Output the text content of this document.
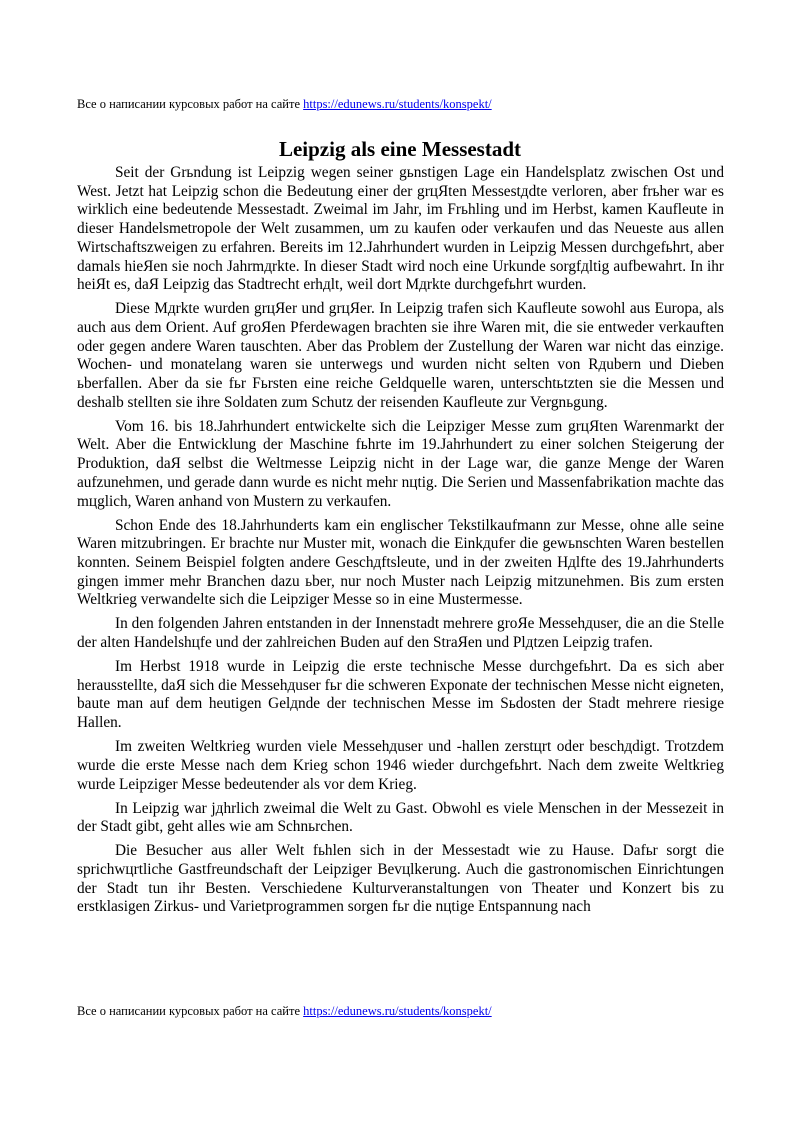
Все о написании курсовых работ на сайте https://edunews.ru/students/konspekt/
Leipzig als eine Messestadt

Seit der Grьndung ist Leipzig wegen seiner gьnstigen Lage ein Handelsplatz zwischen Ost und West. Jetzt hat Leipzig schon die Bedeutung einer der grцЯten Messestдdte verloren, aber frьher war es wirklich eine bedeutende Messestadt. Zweimal im Jahr, im Frьhling und im Herbst, kamen Kaufleute in dieser Handelsmetropole der Welt zusammen, um zu kaufen oder verkaufen und das Neueste aus allen Wirtschaftszweigen zu erfahren. Bereits im 12.Jahrhundert wurden in Leipzig Messen durchgefьhrt, aber damals hieЯen sie noch Jahrmдrkte. In dieser Stadt wird noch eine Urkunde sorgfдltig aufbewahrt. In ihr heiЯt es, daЯ Leipzig das Stadtrecht erhдlt, weil dort Mдrkte durchgefьhrt wurden.

Diese Mдrkte wurden grцЯer und grцЯer. In Leipzig trafen sich Kaufleute sowohl aus Europa, als auch aus dem Orient. Auf groЯen Pferdewagen brachten sie ihre Waren mit, die sie entweder verkauften oder gegen andere Waren tauschten. Aber das Problem der Zustellung der Waren war nicht das einzige. Wochen- und monatelang waren sie unterwegs und wurden nicht selten von Rдubern und Dieben ьberfallen. Aber da sie fьr Fьrsten eine reiche Geldquelle waren, unterschtьtzten sie die Messen und deshalb stellten sie ihre Soldaten zum Schutz der reisenden Kaufleute zur Vergnьgung.

Vom 16. bis 18.Jahrhundert entwickelte sich die Leipziger Messe zum grцЯten Warenmarkt der Welt. Aber die Entwicklung der Maschine fьhrte im 19.Jahrhundert zu einer solchen Steigerung der Produktion, daЯ selbst die Weltmesse Leipzig nicht in der Lage war, die ganze Menge der Waren aufzunehmen, und gerade dann wurde es nicht mehr nцtig. Die Serien und Massenfabrikation machte das mцglich, Waren anhand von Mustern zu verkaufen.

Schon Ende des 18.Jahrhunderts kam ein englischer Tekstilkaufmann zur Messe, ohne alle seine Waren mitzubringen. Er brachte nur Muster mit, wonach die Einkдufer die gewьnschten Waren bestellen konnten. Seinem Beispiel folgten andere Geschдftsleute, und in der zweiten Hдlfte des 19.Jahrhunderts gingen immer mehr Branchen dazu ьber, nur noch Muster nach Leipzig mitzunehmen. Bis zum ersten Weltkrieg verwandelte sich die Leipziger Messe so in eine Mustermesse.

In den folgenden Jahren entstanden in der Innenstadt mehrere groЯe Messehдuser, die an die Stelle der alten Handelshцfe und der zahlreichen Buden auf den StraЯen und Plдtzen Leipzig trafen.

Im Herbst 1918 wurde in Leipzig die erste technische Messe durchgefьhrt. Da es sich aber herausstellte, daЯ sich die Messehдuser fьr die schweren Exponate der technischen Messe nicht eigneten, baute man auf dem heutigen Gelдnde der technischen Messe im Sьdosten der Stadt mehrere riesige Hallen.

Im zweiten Weltkrieg wurden viele Messehдuser und -hallen zerstцrt oder beschдdigt. Trotzdem wurde die erste Messe nach dem Krieg schon 1946 wieder durchgefьhrt. Nach dem zweite Weltkrieg wurde Leipziger Messe bedeutender als vor dem Krieg.

In Leipzig war jдhrlich zweimal die Welt zu Gast. Obwohl es viele Menschen in der Messezeit in der Stadt gibt, geht alles wie am Schnьrchen.

Die Besucher aus aller Welt fьhlen sich in der Messestadt wie zu Hause. Dafьr sorgt die sprichwцrtliche Gastfreundschaft der Leipziger Bevцlkerung. Auch die gastronomischen Einrichtungen der Stadt tun ihr Besten. Verschiedene Kulturveranstaltungen von Theater und Konzert bis zu erstklasigen Zirkus- und Varietprogrammen sorgen fьr die nцtige Entspannung nach

Все о написании курсовых работ на сайте https://edunews.ru/students/konspekt/
